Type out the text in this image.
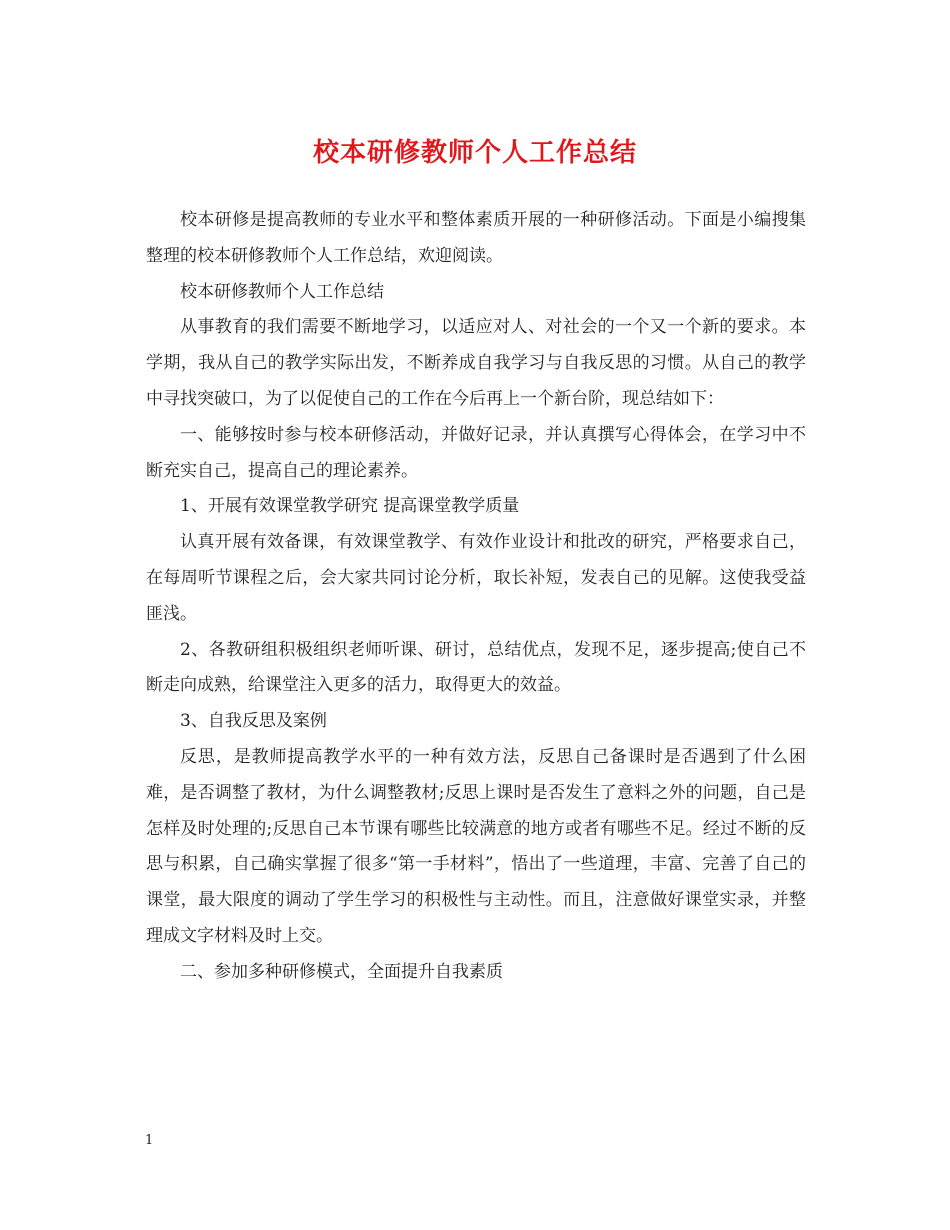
校本研修教师个人工作总结

校本研修是提高教师的专业水平和整体素质开展的一种研修活动。下面是小编搜集整理的校本研修教师个人工作总结，欢迎阅读。

校本研修教师个人工作总结

从事教育的我们需要不断地学习，以适应对人、对社会的一个又一个新的要求。本学期，我从自己的教学实际出发，不断养成自我学习与自我反思的习惯。从自己的教学中寻找突破口，为了以促使自己的工作在今后再上一个新台阶，现总结如下：

一、能够按时参与校本研修活动，并做好记录，并认真撰写心得体会，在学习中不断充实自己，提高自己的理论素养。

1、开展有效课堂教学研究 提高课堂教学质量

认真开展有效备课，有效课堂教学、有效作业设计和批改的研究，严格要求自己，在每周听节课程之后，会大家共同讨论分析，取长补短，发表自己的见解。这使我受益匪浅。

2、各教研组积极组织老师听课、研讨，总结优点，发现不足，逐步提高;使自己不断走向成熟，给课堂注入更多的活力，取得更大的效益。

3、自我反思及案例

反思，是教师提高教学水平的一种有效方法，反思自己备课时是否遇到了什么困难，是否调整了教材，为什么调整教材;反思上课时是否发生了意料之外的问题，自己是怎样及时处理的;反思自己本节课有哪些比较满意的地方或者有哪些不足。经过不断的反思与积累，自己确实掌握了很多“第一手材料”，悟出了一些道理，丰富、完善了自己的课堂，最大限度的调动了学生学习的积极性与主动性。而且，注意做好课堂实录，并整理成文字材料及时上交。

二、参加多种研修模式，全面提升自我素质

1
